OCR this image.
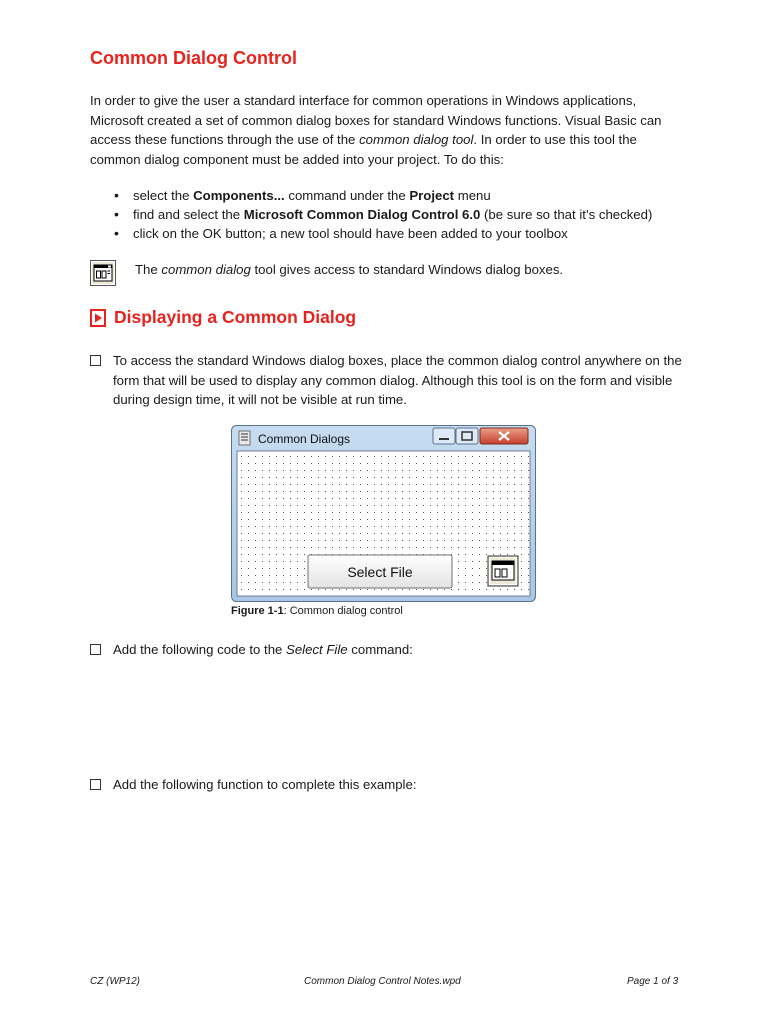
Common Dialog Control

In order to give the user a standard interface for common operations in Windows applications, Microsoft created a set of common dialog boxes for standard Windows functions. Visual Basic can access these functions through the use of the common dialog tool. In order to use this tool the common dialog component must be added into your project. To do this:

• select the Components... command under the Project menu
• find and select the Microsoft Common Dialog Control 6.0 (be sure so that it’s checked)
• click on the OK button; a new tool should have been added to your toolbox

The common dialog tool gives access to standard Windows dialog boxes.

Displaying a Common Dialog

To access the standard Windows dialog boxes, place the common dialog control anywhere on the form that will be used to display any common dialog. Although this tool is on the form and visible during design time, it will not be visible at run time.

Common Dialogs
Select File

Figure 1-1: Common dialog control

Add the following code to the Select File command:

Add the following function to complete this example:

CZ (WP12)	Common Dialog Control Notes.wpd	Page 1 of 3
